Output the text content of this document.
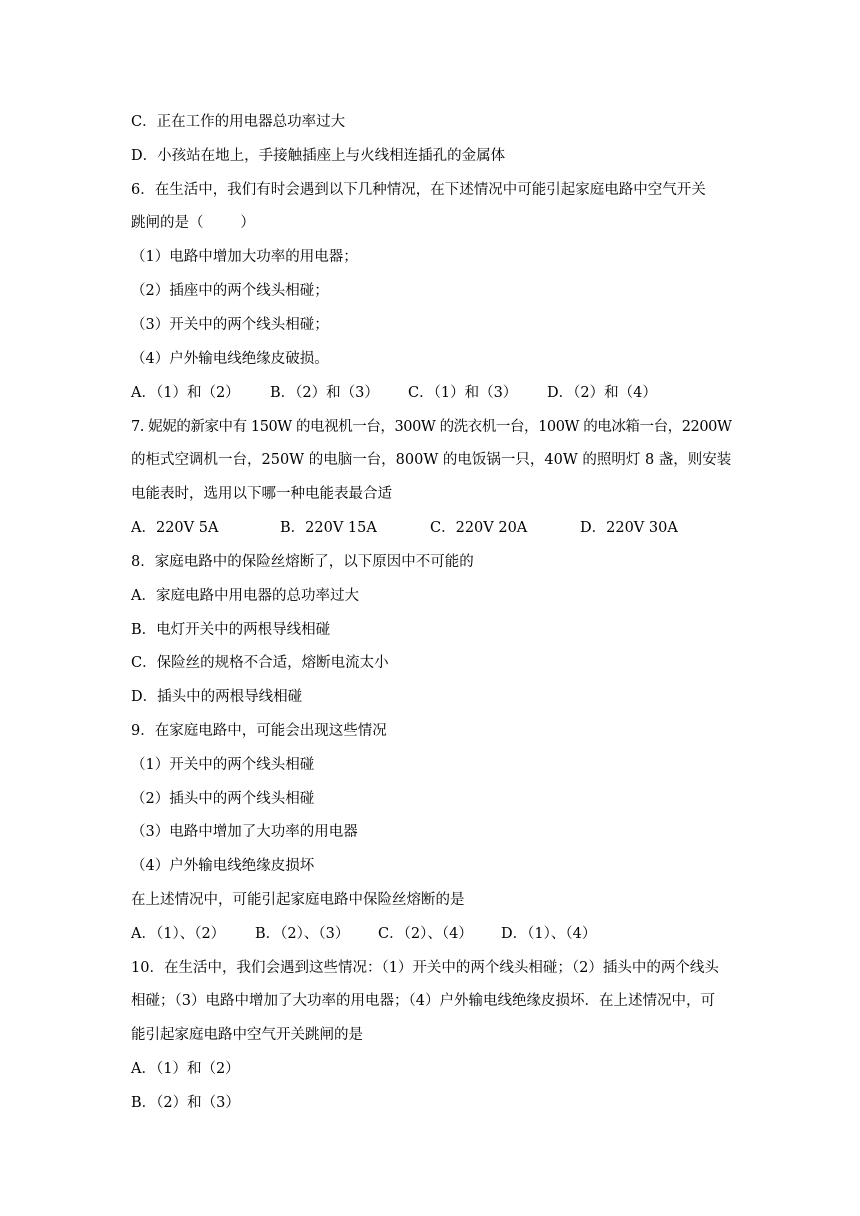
C．正在工作的用电器总功率过大
D．小孩站在地上，手接触插座上与火线相连插孔的金属体
6．在生活中，我们有时会遇到以下几种情况，在下述情况中可能引起家庭电路中空气开关
跳闸的是（        ）
（1）电路中增加大功率的用电器；
（2）插座中的两个线头相碰；
（3）开关中的两个线头相碰；
（4）户外输电线绝缘皮破损。
A．（1）和（2） B．（2）和（3） C．（1）和（3） D．（2）和（4）
7. 妮妮的新家中有 150W 的电视机一台，300W 的洗衣机一台，100W 的电冰箱一台，2200W
的柜式空调机一台，250W 的电脑一台，800W 的电饭锅一只，40W 的照明灯 8 盏，则安装
电能表时，选用以下哪一种电能表最合适
A．220V 5A	B．220V 15A	C．220V 20A	D．220V 30A
8．家庭电路中的保险丝熔断了，以下原因中不可能的
A．家庭电路中用电器的总功率过大
B．电灯开关中的两根导线相碰
C．保险丝的规格不合适，熔断电流太小
D．插头中的两根导线相碰
9．在家庭电路中，可能会出现这些情况
（1）开关中的两个线头相碰
（2）插头中的两个线头相碰
（3）电路中增加了大功率的用电器
（4）户外输电线绝缘皮损坏
在上述情况中，可能引起家庭电路中保险丝熔断的是
A．（1）、（2） B．（2）、（3） C．（2）、（4） D．（1）、（4）
10．在生活中，我们会遇到这些情况：（1）开关中的两个线头相碰；（2）插头中的两个线头
相碰；（3）电路中增加了大功率的用电器；（4）户外输电线绝缘皮损坏．在上述情况中，可
能引起家庭电路中空气开关跳闸的是
A．（1）和（2）
B．（2）和（3）
